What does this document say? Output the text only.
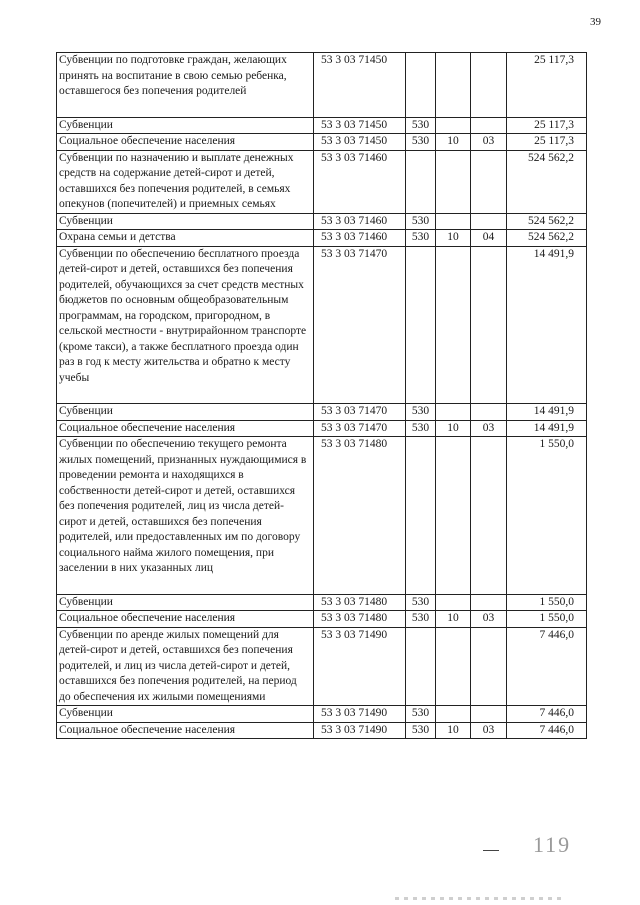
39
Субвенции по подготовке граждан, желающих принять на воспитание в свою семью ребенка, оставшегося без попечения родителей	53 3 03 71450				25 117,3
Субвенции	53 3 03 71450	530			25 117,3
Социальное обеспечение населения	53 3 03 71450	530	10	03	25 117,3
Субвенции по назначению и выплате денежных средств на содержание детей-сирот и детей, оставшихся без попечения родителей, в семьях опекунов (попечителей) и приемных семьях	53 3 03 71460				524 562,2
Субвенции	53 3 03 71460	530			524 562,2
Охрана семьи и детства	53 3 03 71460	530	10	04	524 562,2
Субвенции по обеспечению бесплатного проезда детей-сирот и детей, оставшихся без попечения родителей, обучающихся за счет средств местных бюджетов по основным общеобразовательным программам, на городском, пригородном, в сельской местности - внутрирайонном транспорте (кроме такси), а также бесплатного проезда один раз в год к месту жительства и обратно к месту учебы	53 3 03 71470				14 491,9
Субвенции	53 3 03 71470	530			14 491,9
Социальное обеспечение населения	53 3 03 71470	530	10	03	14 491,9
Субвенции по обеспечению текущего ремонта жилых помещений, признанных нуждающимися в проведении ремонта и находящихся в собственности детей-сирот и детей, оставшихся без попечения родителей, лиц из числа детей-сирот и детей, оставшихся без попечения родителей, или предоставленных им по договору социального найма жилого помещения, при заселении в них указанных лиц	53 3 03 71480				1 550,0
Субвенции	53 3 03 71480	530			1 550,0
Социальное обеспечение населения	53 3 03 71480	530	10	03	1 550,0
Субвенции по аренде жилых помещений для детей-сирот и детей, оставшихся без попечения родителей, и лиц из числа детей-сирот и детей, оставшихся без попечения родителей, на период до обеспечения их жилыми помещениями	53 3 03 71490				7 446,0
Субвенции	53 3 03 71490	530			7 446,0
Социальное обеспечение населения	53 3 03 71490	530	10	03	7 446,0
119
